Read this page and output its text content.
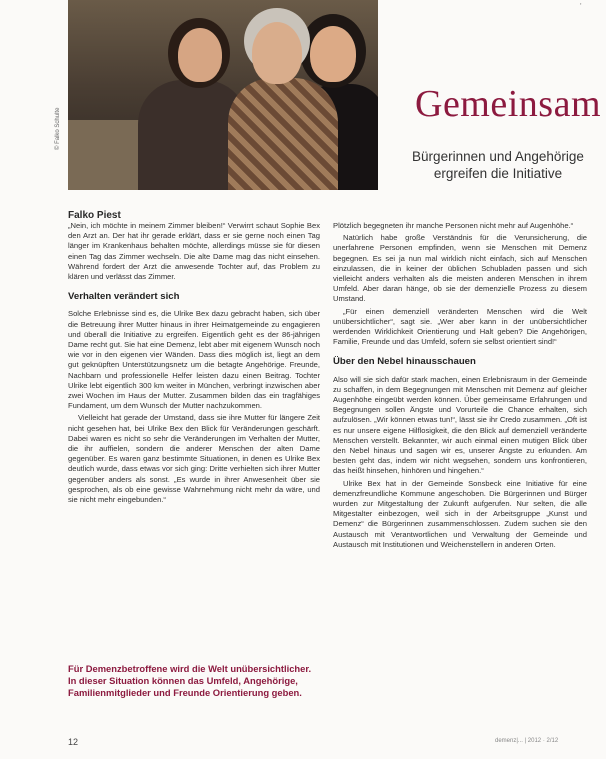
© Falko Schulte
'
Gemeinsam
Bürgerinnen und Angehörige ergreifen die Initiative
Falko Piest

„Nein, ich möchte in meinem Zimmer bleiben!“ Verwirrt schaut Sophie Bex den Arzt an. Der hat ihr gerade erklärt, dass er sie gerne noch einen Tag länger im Krankenhaus behalten möchte, allerdings müsse sie für diesen einen Tag das Zimmer wechseln. Die alte Dame mag das nicht einsehen. Während fordert der Arzt die anwesende Tochter auf, das Problem zu klären und verlässt das Zimmer.

Verhalten verändert sich

Solche Erlebnisse sind es, die Ulrike Bex dazu gebracht haben, sich über die Betreuung ihrer Mutter hinaus in ihrer Heimatgemeinde zu engagieren und überall die Initiative zu ergreifen. Eigentlich geht es der 86-jährigen Dame recht gut. Sie hat eine Demenz, lebt aber mit eigenem Wunsch noch wie vor in den eigenen vier Wänden. Dass dies möglich ist, liegt an dem gut geknüpften Unterstützungsnetz um die betagte Angehörige. Freunde, Nachbarn und professionelle Helfer leisten dazu einen Beitrag. Tochter Ulrike lebt eigentlich 300 km weiter in München, verbringt inzwischen aber zwei Wochen im Haus der Mutter. Zusammen bilden das ein tragfähiges Fundament, um dem Wunsch der Mutter nachzukommen.

Vielleicht hat gerade der Umstand, dass sie ihre Mutter für längere Zeit nicht gesehen hat, bei Ulrike Bex den Blick für Veränderungen geschärft. Dabei waren es nicht so sehr die Veränderungen im Verhalten der Mutter, die ihr auffielen, sondern die anderer Menschen der alten Dame gegenüber. Es waren ganz bestimmte Situationen, in denen es Ulrike Bex deutlich wurde, dass etwas vor sich ging: Dritte verhielten sich ihrer Mutter gegenüber anders als sonst. „Es wurde in ihrer Anwesenheit über sie gesprochen, als ob eine gewisse Wahrnehmung nicht mehr da wäre, und sie nicht mehr eingebunden.“

Plötzlich begegneten ihr manche Personen nicht mehr auf Augenhöhe.“

Natürlich habe große Verständnis für die Verunsicherung, die unerfahrene Personen empfinden, wenn sie Menschen mit Demenz begegnen. Es sei ja nun mal wirklich nicht einfach, sich auf Menschen einzulassen, die in keiner der üblichen Schubladen passen und sich vielleicht anders verhalten als die meisten anderen Menschen in ihrem Umfeld. Aber daran hänge, ob sie der demenzielle Prozess zu diesem Umstand.

„Für einen demenziell veränderten Menschen wird die Welt unübersichtlicher“, sagt sie. „Wer aber kann in der unübersichtlicher werdenden Wirklichkeit Orientierung und Halt geben? Die Angehörigen, Familie, Freunde und das Umfeld, sofern sie selbst orientiert sind!“

Über den Nebel hinausschauen

Also will sie sich dafür stark machen, einen Erlebnisraum in der Gemeinde zu schaffen, in dem Begegnungen mit Menschen mit Demenz auf gleicher Augenhöhe eingeübt werden können. Über gemeinsame Erfahrungen und Begegnungen sollen Ängste und Vorurteile die Chance erhalten, sich aufzulösen. „Wir können etwas tun!“, lässt sie ihr Credo zusammen. „Oft ist es nur unsere eigene Hilflosigkeit, die den Blick auf demenziell veränderte Menschen verstellt. Bekannter, wir auch einmal einen mutigen Blick über den Nebel hinaus und sagen wir es, unserer Ängste zu erkunden. Am besten geht das, indem wir nicht wegsehen, sondern uns konfrontieren, das heißt hinsehen, hinhören und hingehen.“

Ulrike Bex hat in der Gemeinde Sonsbeck eine Initiative für eine demenzfreundliche Kommune angeschoben. Die Bürgerinnen und Bürger wurden zur Mitgestaltung der Zukunft aufgerufen. Nur selten, die alle Mitgestalter einbezogen, weil sich in der Arbeitsgruppe „Kunst und Demenz“ die Bürgerinnen zusammenschlossen. Zudem suchen sie den Austausch mit Verantwortlichen und Verwaltung der Gemeinde und Austausch mit Institutionen und Weichenstellern in anderen Orten.

Für Demenzbetroffene wird die Welt unübersichtlicher. In dieser Situation können das Umfeld, Angehörige, Familienmitglieder und Freunde Orientierung geben.
12	demenz|... | 2012 · 2/12
